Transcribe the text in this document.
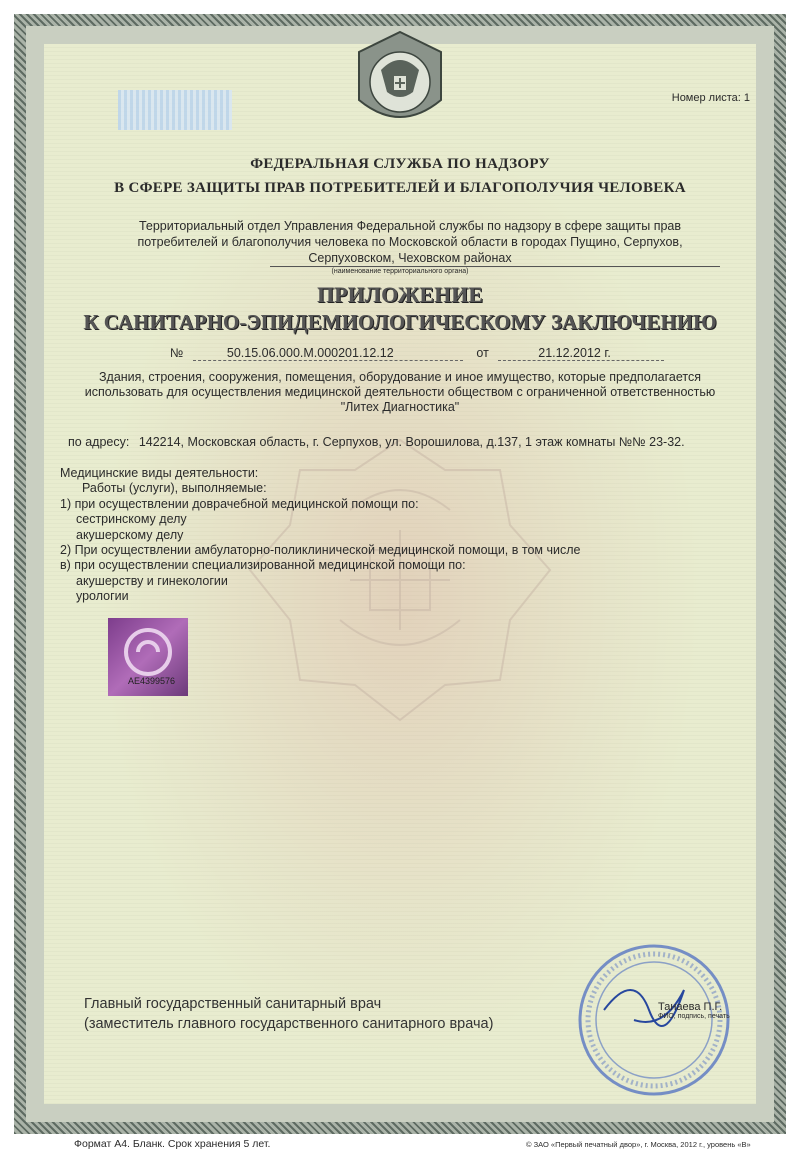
Номер листа: 1
ФЕДЕРАЛЬНАЯ СЛУЖБА ПО НАДЗОРУ
В СФЕРЕ ЗАЩИТЫ ПРАВ ПОТРЕБИТЕЛЕЙ И БЛАГОПОЛУЧИЯ ЧЕЛОВЕКА
Территориальный отдел Управления Федеральной службы по надзору в сфере защиты прав
потребителей и благополучия человека по Московской области в городах Пущино, Серпухов,
Серпуховском, Чеховском районах
(наименование территориального органа)
ПРИЛОЖЕНИЕ
К САНИТАРНО-ЭПИДЕМИОЛОГИЧЕСКОМУ ЗАКЛЮЧЕНИЮ
№	50.15.06.000.М.000201.12.12	от	21.12.2012 г.
Здания, строения, сооружения, помещения, оборудование и иное имущество, которые предполагается
использовать для осуществления медицинской деятельности обществом с ограниченной ответственностью
"Литех Диагностика"
по адресу: 142214, Московская область, г. Серпухов, ул. Ворошилова, д.137, 1 этаж комнаты №№ 23-32.
Медицинские виды деятельности:
Работы (услуги), выполняемые:
1) при осуществлении доврачебной медицинской помощи по:
сестринскому делу
акушерскому делу
2) При осуществлении амбулаторно-поликлинической медицинской помощи, в том числе
в) при осуществлении специализированной медицинской помощи по:
акушерству и гинекологии
урологии
АЕ4399576
Главный государственный санитарный врач
(заместитель главного государственного санитарного врача)
Танаева П.Г.
ФИО, подпись, печать
Формат А4. Бланк. Срок хранения 5 лет.	© ЗАО «Первый печатный двор», г. Москва, 2012 г., уровень «В»
